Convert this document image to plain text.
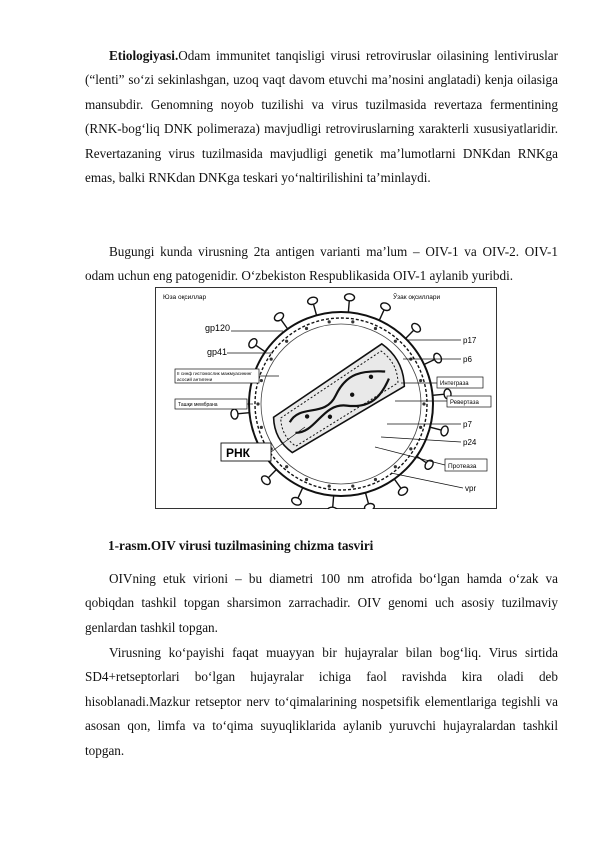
Etiologiyasi.Odam immunitet tanqisligi virusi retroviruslar oilasining lentiviruslar (“lenti” so‘zi sekinlashgan, uzoq vaqt davom etuvchi ma’nosini anglatadi) kenja oilasiga mansubdir. Genomning noyob tuzilishi va virus tuzilmasida revertaza fermentining (RNK-bog‘liq DNK polimeraza) mavjudligi retroviruslarning xarakterli xususiyatlaridir. Revertazaning virus tuzilmasida mavjudligi genetik ma’lumotlarni DNKdan RNKga emas, balki RNKdan DNKga teskari yo‘naltirilishini ta’minlaydi.

Bugungi kunda virusning 2ta antigen varianti ma’lum – OIV-1 va OIV-2. OIV-1 odam uchun eng patogenidir. O‘zbekiston Respublikasida OIV-1 aylanib yuribdi.

Юза оқсиллар	Ўзак оқсиллари
gp120
gp41
II синф гистомослик мажмуасининг
асосий антигени
Ташқи мембрана
РНК
p17
p6
Интеграза
Ревертаза
p7
p24
Протеаза
vpr

1-rasm.OIV virusi tuzilmasining chizma tasviri

OIVning etuk virioni – bu diametri 100 nm atrofida bo‘lgan hamda o‘zak va qobiqdan tashkil topgan sharsimon zarrachadir. OIV genomi uch asosiy tuzilmaviy genlardan tashkil topgan.

Virusning ko‘payishi faqat muayyan bir hujayralar bilan bog‘liq. Virus sirtida SD4+retseptorlari bo‘lgan hujayralar ichiga faol ravishda kira oladi deb hisoblanadi.Mazkur retseptor nerv to‘qimalarining nospetsifik elementlariga tegishli va asosan qon, limfa va to‘qima suyuqliklarida aylanib yuruvchi hujayralardan tashkil topgan.
